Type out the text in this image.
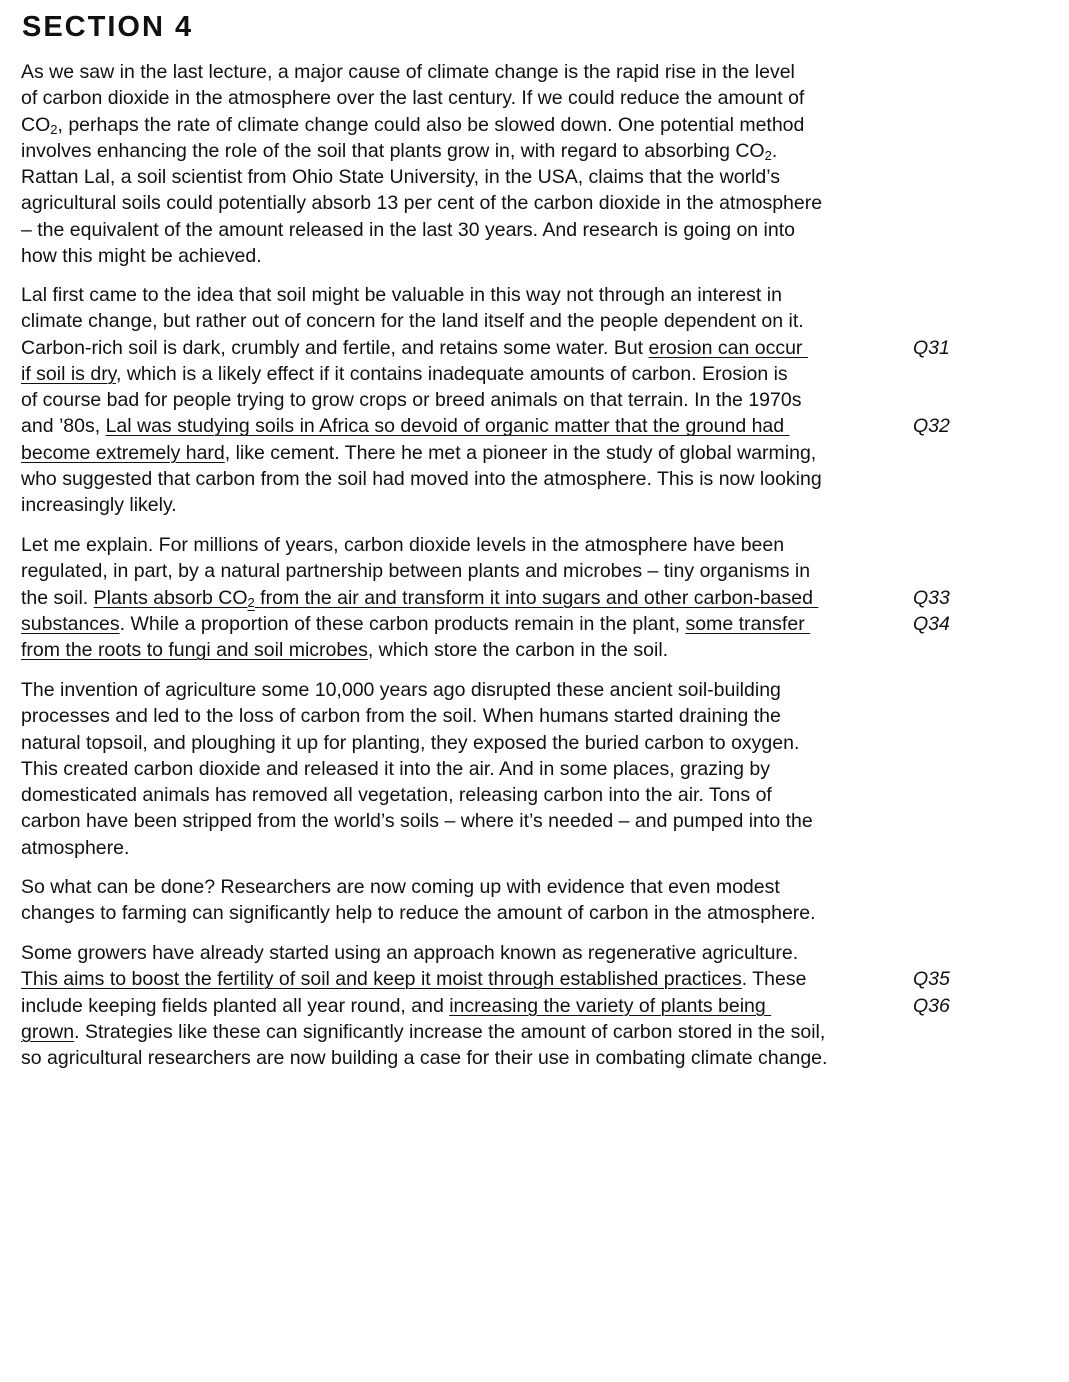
SECTION 4
As we saw in the last lecture, a major cause of climate change is the rapid rise in the level
of carbon dioxide in the atmosphere over the last century. If we could reduce the amount of
$CO_2$, perhaps the rate of climate change could also be slowed down. One potential method
involves enhancing the role of the soil that plants grow in, with regard to absorbing $CO_2$.
Rattan Lal, a soil scientist from Ohio State University, in the USA, claims that the world’s
agricultural soils could potentially absorb 13 per cent of the carbon dioxide in the atmosphere
– the equivalent of the amount released in the last 30 years. And research is going on into
how this might be achieved.
Lal first came to the idea that soil might be valuable in this way not through an interest in
climate change, but rather out of concern for the land itself and the people dependent on it.
Carbon-rich soil is dark, crumbly and fertile, and retains some water. But erosion can occur	Q31
if soil is dry, which is a likely effect if it contains inadequate amounts of carbon. Erosion is
of course bad for people trying to grow crops or breed animals on that terrain. In the 1970s
and ’80s, Lal was studying soils in Africa so devoid of organic matter that the ground had	Q32
become extremely hard, like cement. There he met a pioneer in the study of global warming,
who suggested that carbon from the soil had moved into the atmosphere. This is now looking
increasingly likely.
Let me explain. For millions of years, carbon dioxide levels in the atmosphere have been
regulated, in part, by a natural partnership between plants and microbes – tiny organisms in
the soil. Plants absorb $CO_2$ from the air and transform it into sugars and other carbon-based	Q33
substances. While a proportion of these carbon products remain in the plant, some transfer	Q34
from the roots to fungi and soil microbes, which store the carbon in the soil.
The invention of agriculture some 10,000 years ago disrupted these ancient soil-building
processes and led to the loss of carbon from the soil. When humans started draining the
natural topsoil, and ploughing it up for planting, they exposed the buried carbon to oxygen.
This created carbon dioxide and released it into the air. And in some places, grazing by
domesticated animals has removed all vegetation, releasing carbon into the air. Tons of
carbon have been stripped from the world’s soils – where it’s needed – and pumped into the
atmosphere.
So what can be done? Researchers are now coming up with evidence that even modest
changes to farming can significantly help to reduce the amount of carbon in the atmosphere.
Some growers have already started using an approach known as regenerative agriculture.
This aims to boost the fertility of soil and keep it moist through established practices. These	Q35
include keeping fields planted all year round, and increasing the variety of plants being	Q36
grown. Strategies like these can significantly increase the amount of carbon stored in the soil,
so agricultural researchers are now building a case for their use in combating climate change.
